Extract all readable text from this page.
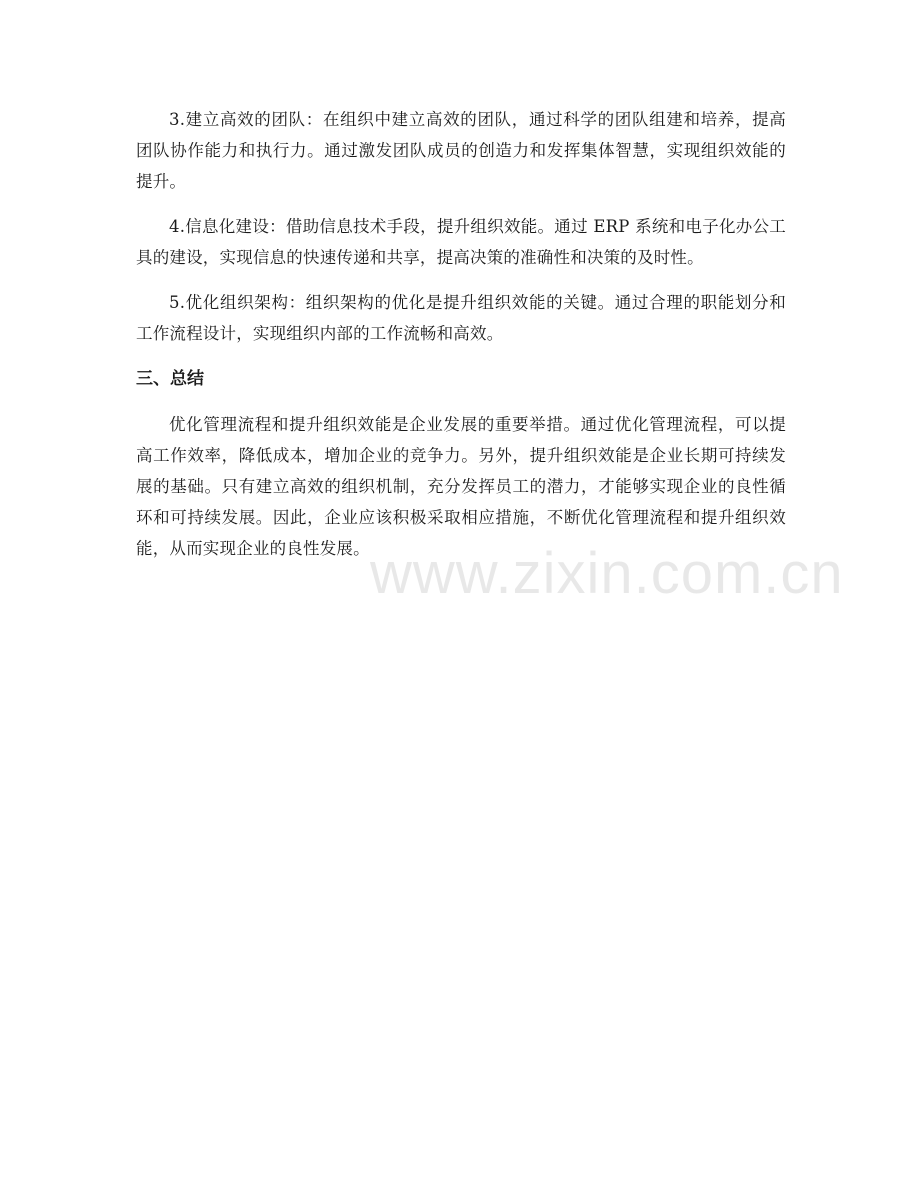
3.建立高效的团队：在组织中建立高效的团队，通过科学的团队组建和培养，提高团队协作能力和执行力。通过激发团队成员的创造力和发挥集体智慧，实现组织效能的提升。

4.信息化建设：借助信息技术手段，提升组织效能。通过 ERP 系统和电子化办公工具的建设，实现信息的快速传递和共享，提高决策的准确性和决策的及时性。

5.优化组织架构：组织架构的优化是提升组织效能的关键。通过合理的职能划分和工作流程设计，实现组织内部的工作流畅和高效。

三、总结

优化管理流程和提升组织效能是企业发展的重要举措。通过优化管理流程，可以提高工作效率，降低成本，增加企业的竞争力。另外，提升组织效能是企业长期可持续发展的基础。只有建立高效的组织机制，充分发挥员工的潜力，才能够实现企业的良性循环和可持续发展。因此，企业应该积极采取相应措施，不断优化管理流程和提升组织效能，从而实现企业的良性发展。 www.zixin.com.cn
